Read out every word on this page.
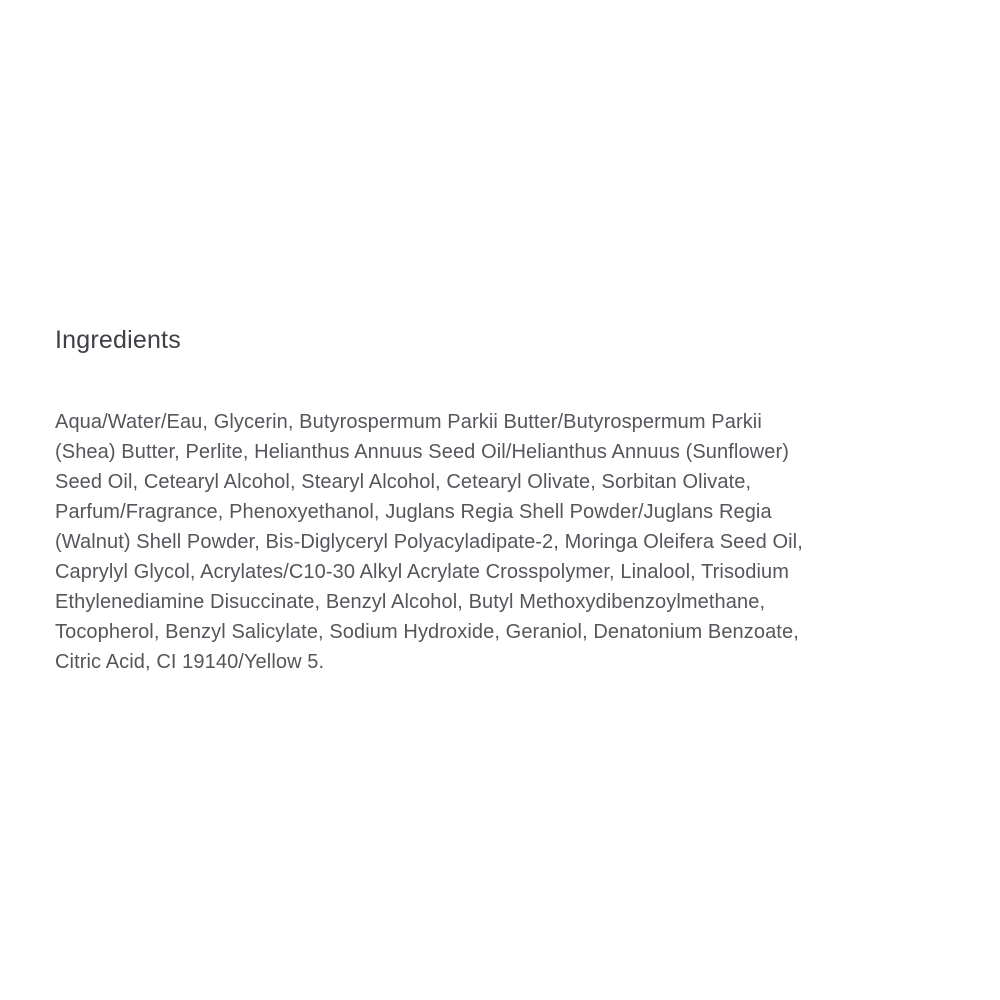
Ingredients
Aqua/Water/Eau, Glycerin, Butyrospermum Parkii Butter/Butyrospermum Parkii
(Shea) Butter, Perlite, Helianthus Annuus Seed Oil/Helianthus Annuus (Sunflower)
Seed Oil, Cetearyl Alcohol, Stearyl Alcohol, Cetearyl Olivate, Sorbitan Olivate,
Parfum/Fragrance, Phenoxyethanol, Juglans Regia Shell Powder/Juglans Regia
(Walnut) Shell Powder, Bis-Diglyceryl Polyacyladipate-2, Moringa Oleifera Seed Oil,
Caprylyl Glycol, Acrylates/C10-30 Alkyl Acrylate Crosspolymer, Linalool, Trisodium
Ethylenediamine Disuccinate, Benzyl Alcohol, Butyl Methoxydibenzoylmethane,
Tocopherol, Benzyl Salicylate, Sodium Hydroxide, Geraniol, Denatonium Benzoate,
Citric Acid, CI 19140/Yellow 5.
